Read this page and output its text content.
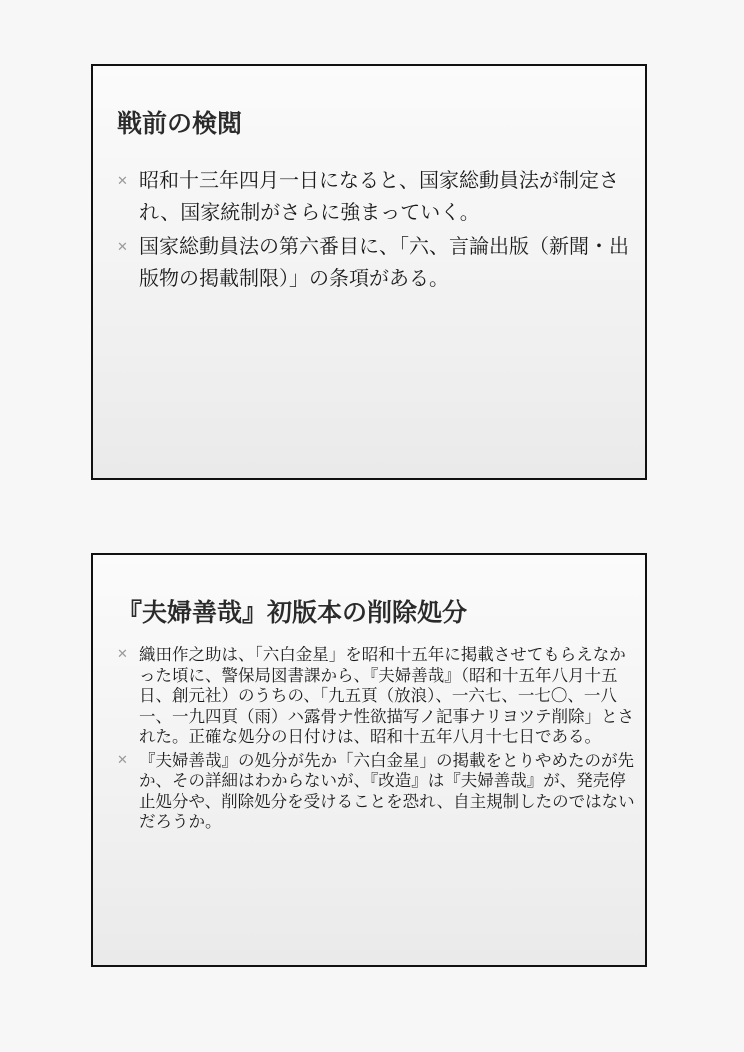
戦前の検閲
✕ 昭和十三年四月一日になると、国家総動員法が制定され、国家統制がさらに強まっていく。
✕ 国家総動員法の第六番目に、「六、言論出版（新聞・出版物の掲載制限）」の条項がある。
『夫婦善哉』初版本の削除処分
✕ 織田作之助は、「六白金星」を昭和十五年に掲載させてもらえなかった頃に、警保局図書課から、『夫婦善哉』（昭和十五年八月十五日、創元社）のうちの、「九五頁（放浪）、一六七、一七〇、一八一、一九四頁（雨）ハ露骨ナ性欲描写ノ記事ナリヨツテ削除」とされた。正確な処分の日付けは、昭和十五年八月十七日である。
✕ 『夫婦善哉』の処分が先か「六白金星」の掲載をとりやめたのが先か、その詳細はわからないが、『改造』は『夫婦善哉』が、発売停止処分や、削除処分を受けることを恐れ、自主規制したのではないだろうか。
